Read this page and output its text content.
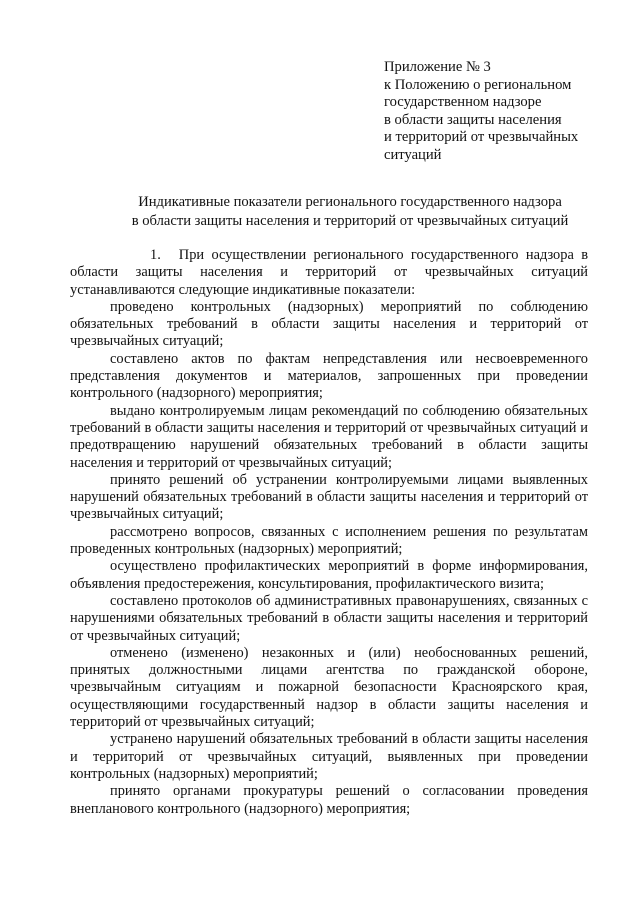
Приложение № 3
к Положению о региональном
государственном надзоре
в области защиты населения
и территорий от чрезвычайных
ситуаций
Индикативные показатели регионального государственного надзора
в области защиты населения и территорий от чрезвычайных ситуаций

1. При осуществлении регионального государственного надзора в области защиты населения и территорий от чрезвычайных ситуаций устанавливаются следующие индикативные показатели:

проведено контрольных (надзорных) мероприятий по соблюдению обязательных требований в области защиты населения и территорий от чрезвычайных ситуаций;

составлено актов по фактам непредставления или несвоевременного представления документов и материалов, запрошенных при проведении контрольного (надзорного) мероприятия;

выдано контролируемым лицам рекомендаций по соблюдению обязательных требований в области защиты населения и территорий от чрезвычайных ситуаций и предотвращению нарушений обязательных требований в области защиты населения и территорий от чрезвычайных ситуаций;

принято решений об устранении контролируемыми лицами выявленных нарушений обязательных требований в области защиты населения и территорий от чрезвычайных ситуаций;

рассмотрено вопросов, связанных с исполнением решения по результатам проведенных контрольных (надзорных) мероприятий;

осуществлено профилактических мероприятий в форме информирования, объявления предостережения, консультирования, профилактического визита;

составлено протоколов об административных правонарушениях, связанных с нарушениями обязательных требований в области защиты населения и территорий от чрезвычайных ситуаций;

отменено (изменено) незаконных и (или) необоснованных решений, принятых должностными лицами агентства по гражданской обороне, чрезвычайным ситуациям и пожарной безопасности Красноярского края, осуществляющими государственный надзор в области защиты населения и территорий от чрезвычайных ситуаций;

устранено нарушений обязательных требований в области защиты населения и территорий от чрезвычайных ситуаций, выявленных при проведении контрольных (надзорных) мероприятий;

принято органами прокуратуры решений о согласовании проведения внепланового контрольного (надзорного) мероприятия;
